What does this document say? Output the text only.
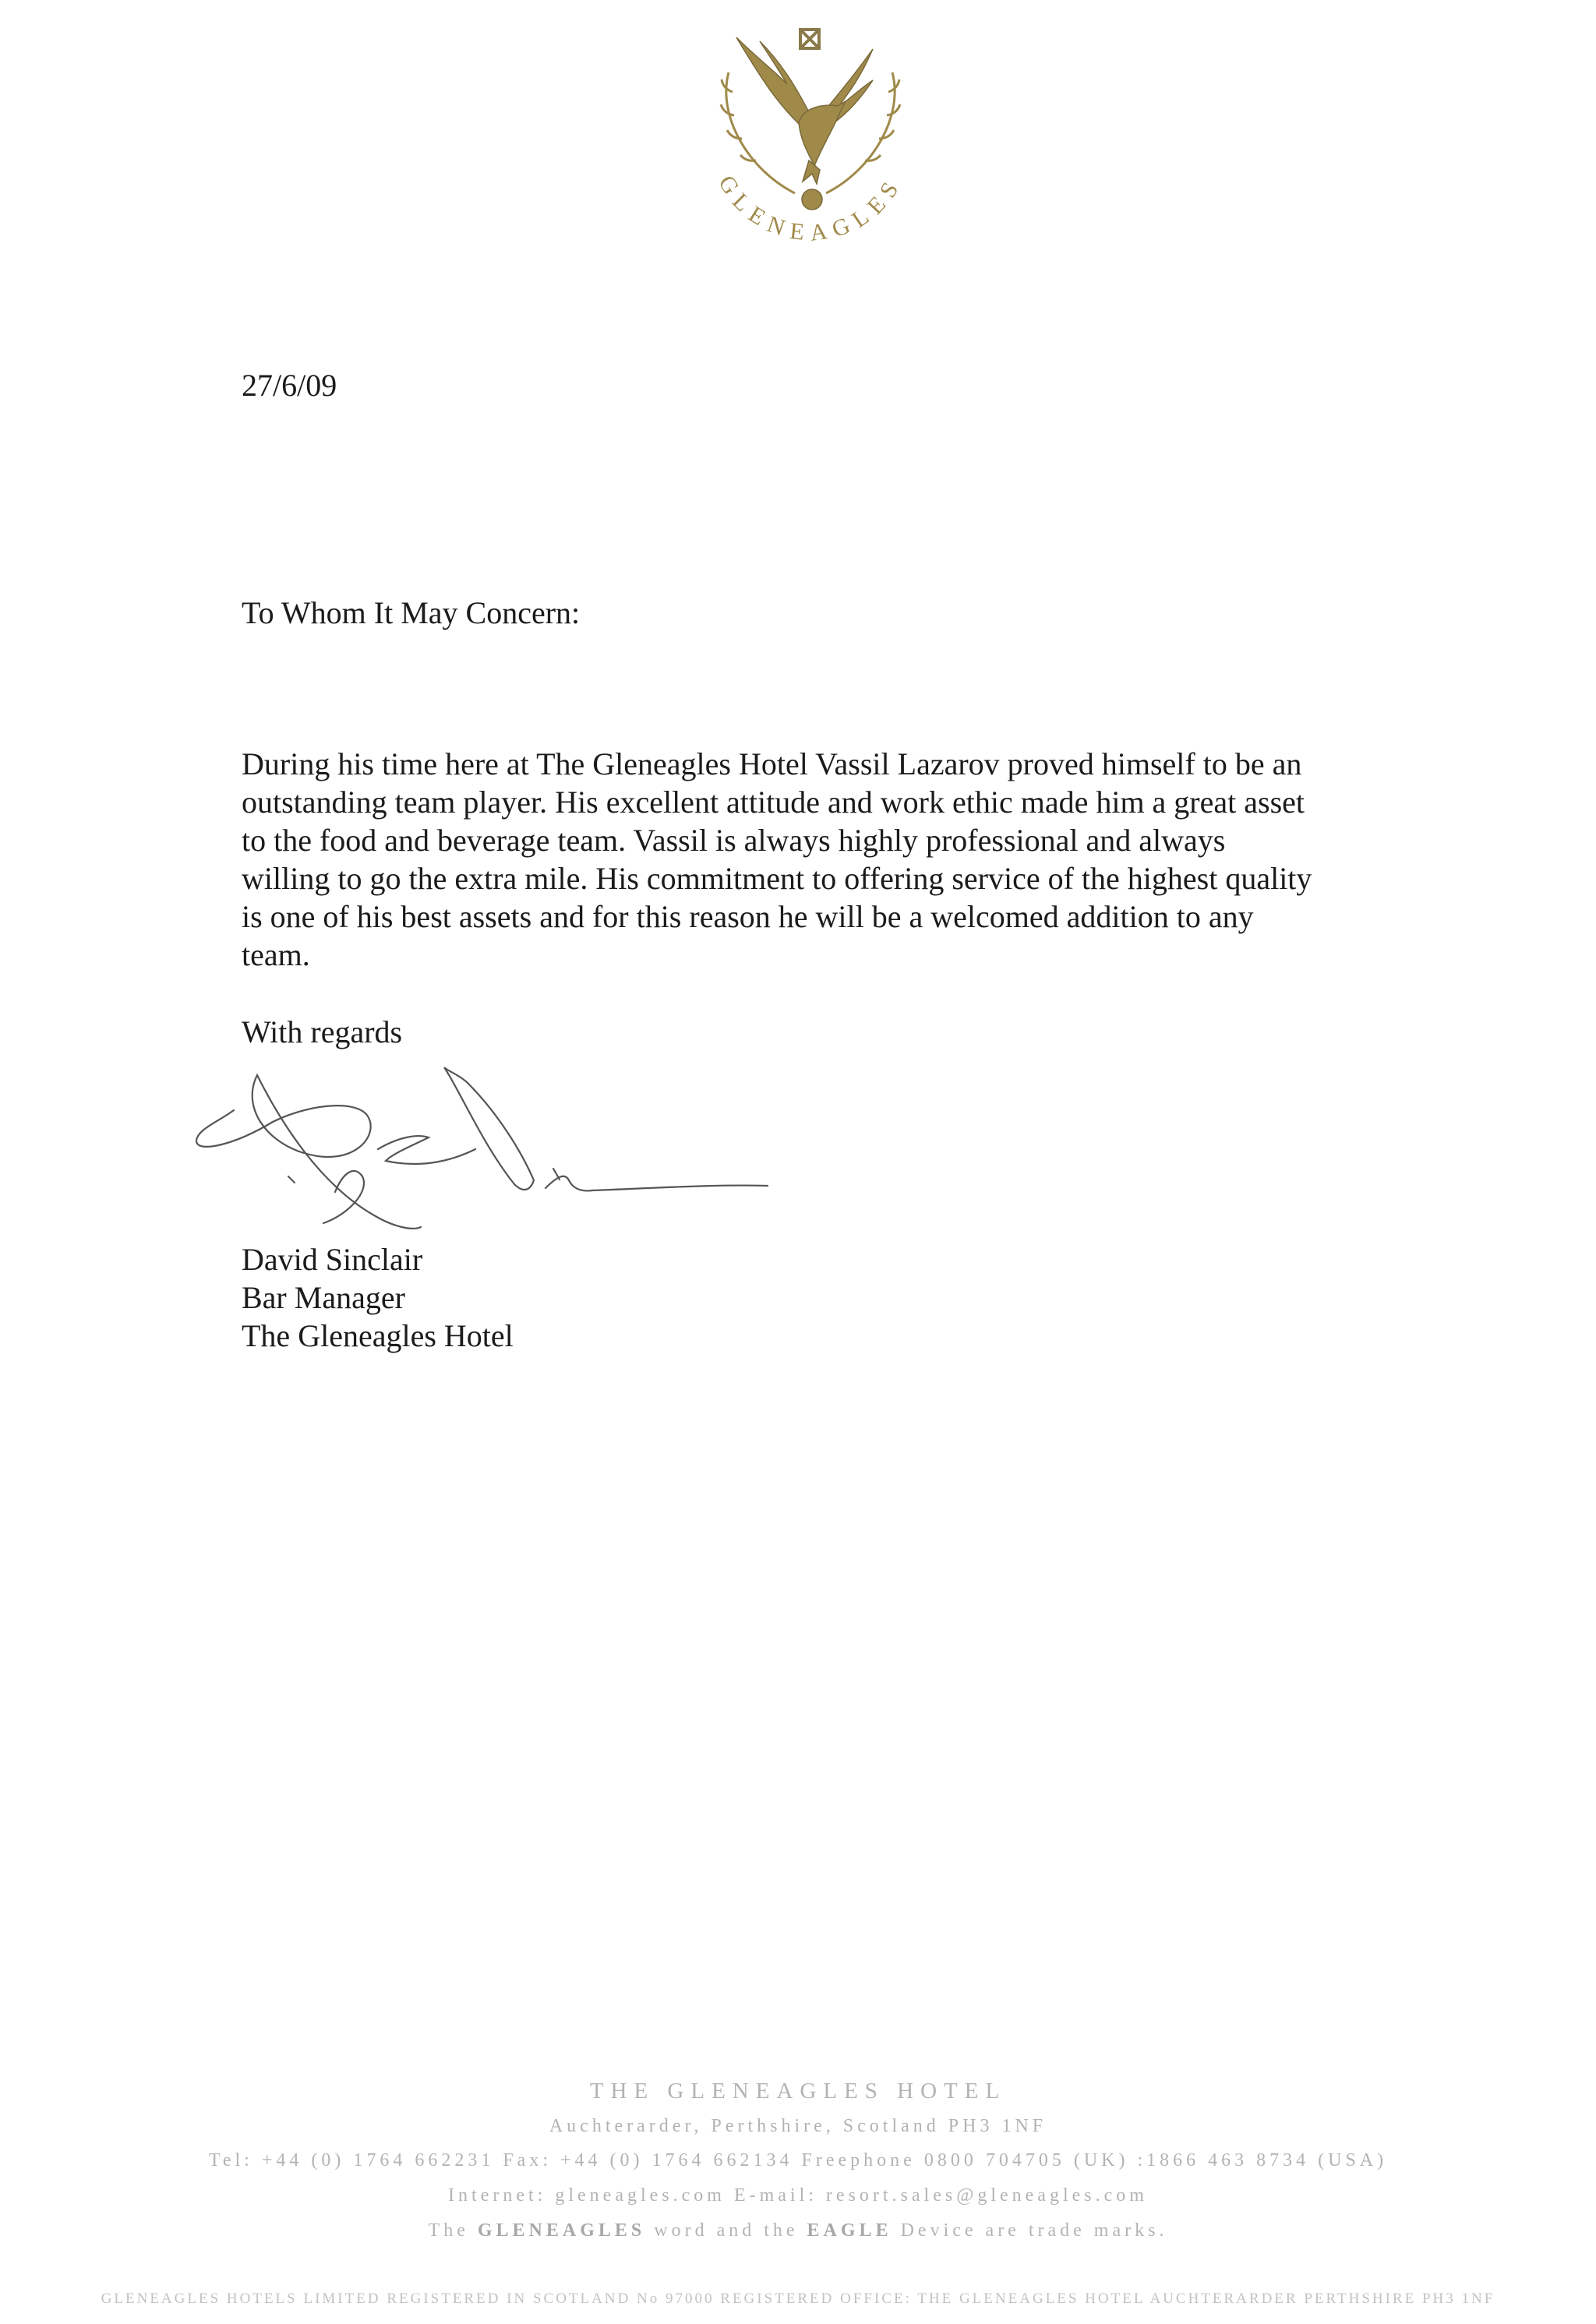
GLENEAGLES
27/6/09
To Whom It May Concern:

During his time here at The Gleneagles Hotel Vassil Lazarov proved himself to be an
outstanding team player. His excellent attitude and work ethic made him a great asset
to the food and beverage team. Vassil is always highly professional and always
willing to go the extra mile. His commitment to offering service of the highest quality
is one of his best assets and for this reason he will be a welcomed addition to any
team.

With regards
David Sinclair
Bar Manager
The Gleneagles Hotel
THE GLENEAGLES HOTEL
Auchterarder, Perthshire, Scotland PH3 1NF
Tel: +44 (0) 1764 662231 Fax: +44 (0) 1764 662134 Freephone 0800 704705 (UK) :1866 463 8734 (USA)
Internet: gleneagles.com E-mail: resort.sales@gleneagles.com
The GLENEAGLES word and the EAGLE Device are trade marks.
GLENEAGLES HOTELS LIMITED REGISTERED IN SCOTLAND No 97000 REGISTERED OFFICE: THE GLENEAGLES HOTEL AUCHTERARDER PERTHSHIRE PH3 1NF
